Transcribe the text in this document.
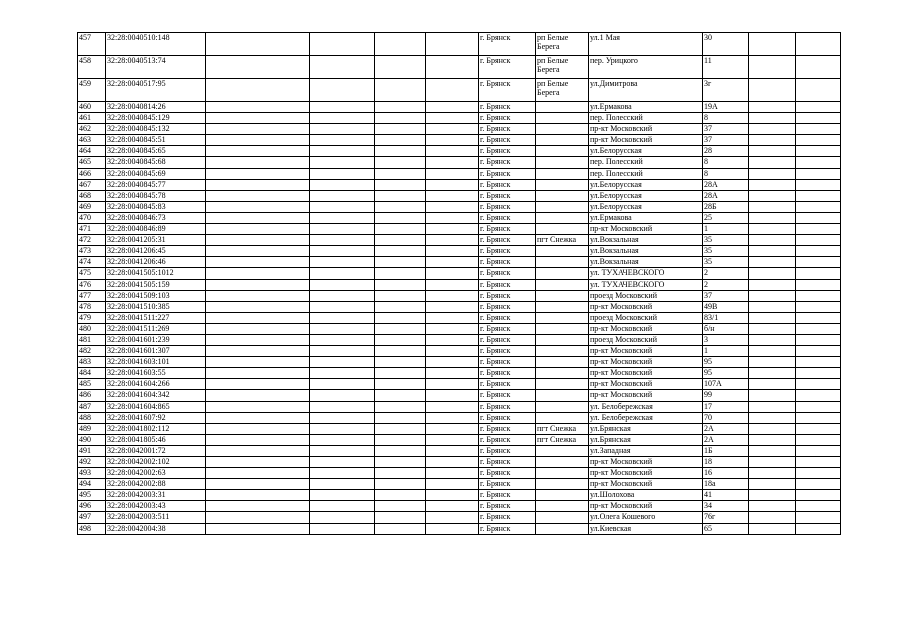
457	32:28:0040510:148					г. Брянск	рп Белые Берега	ул.1 Мая	30		
458	32:28:0040513:74					г. Брянск	рп Белые Берега	пер. Урицкого	11		
459	32:28:0040517:95					г. Брянск	рп Белые Берега	ул.Димитрова	3г		
460	32:28:0040814:26					г. Брянск		ул.Ермакова	19А		
461	32:28:0040845:129					г. Брянск		пер. Полесский	8		
462	32:28:0040845:132					г. Брянск		пр-кт Московский	37		
463	32:28:0040845:51					г. Брянск		пр-кт Московский	37		
464	32:28:0040845:65					г. Брянск		ул.Белорусская	28		
465	32:28:0040845:68					г. Брянск		пер. Полесский	8		
466	32:28:0040845:69					г. Брянск		пер. Полесский	8		
467	32:28:0040845:77					г. Брянск		ул.Белорусская	28А		
468	32:28:0040845:78					г. Брянск		ул.Белорусская	28А		
469	32:28:0040845:83					г. Брянск		ул.Белорусская	28Б		
470	32:28:0040846:73					г. Брянск		ул.Ермакова	25		
471	32:28:0040846:89					г. Брянск		пр-кт Московский	1		
472	32:28:0041205:31					г. Брянск	пгт Снежка	ул.Вокзальная	35		
473	32:28:0041206:45					г. Брянск		ул.Вокзальная	35		
474	32:28:0041206:46					г. Брянск		ул.Вокзальная	35		
475	32:28:0041505:1012					г. Брянск		ул. ТУХАЧЕВСКОГО	2		
476	32:28:0041505:159					г. Брянск		ул. ТУХАЧЕВСКОГО	2		
477	32:28:0041509:103					г. Брянск		проезд Московский	37		
478	32:28:0041510:385					г. Брянск		пр-кт Московский	49В		
479	32:28:0041511:227					г. Брянск		проезд Московский	83/1		
480	32:28:0041511:269					г. Брянск		пр-кт Московский	б/н		
481	32:28:0041601:239					г. Брянск		проезд Московский	3		
482	32:28:0041601:307					г. Брянск		пр-кт Московский	1		
483	32:28:0041603:101					г. Брянск		пр-кт Московский	95		
484	32:28:0041603:55					г. Брянск		пр-кт Московский	95		
485	32:28:0041604:266					г. Брянск		пр-кт Московский	107А		
486	32:28:0041604:342					г. Брянск		пр-кт Московский	99		
487	32:28:0041604:865					г. Брянск		ул. Белобережская	17		
488	32:28:0041607:92					г. Брянск		ул. Белобережская	70		
489	32:28:0041802:112					г. Брянск	пгт Снежка	ул.Брянская	2А		
490	32:28:0041805:46					г. Брянск	пгт Снежка	ул.Брянская	2А		
491	32:28:0042001:72					г. Брянск		ул.Западная	1Б		
492	32:28:0042002:102					г. Брянск		пр-кт Московский	18		
493	32:28:0042002:63					г. Брянск		пр-кт Московский	16		
494	32:28:0042002:88					г. Брянск		пр-кт Московский	18а		
495	32:28:0042003:31					г. Брянск		ул.Шолохова	41		
496	32:28:0042003:43					г. Брянск		пр-кт Московский	34		
497	32:28:0042003:511					г. Брянск		ул.Олега Кошевого	76г		
498	32:28:0042004:38					г. Брянск		ул.Киевская	65		
